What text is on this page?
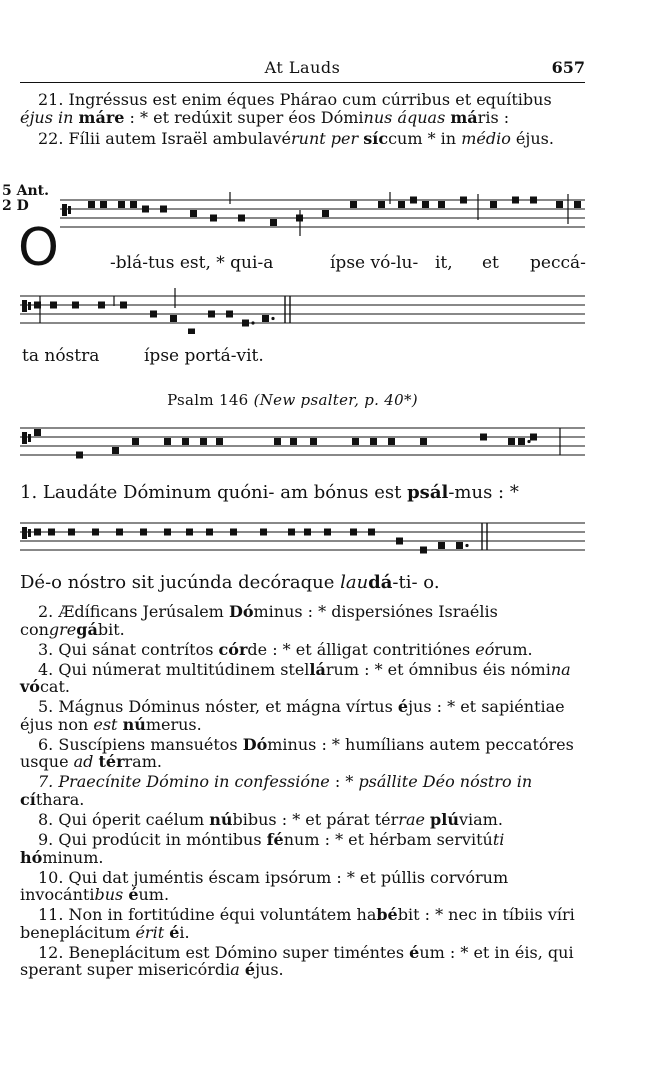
At Lauds	657

21. Ingréssus est enim éques Phárao cum cúrribus et equítibus éjus in máre : * et redúxit super éos Dóminus áquas máris :

22. Fílii autem Israël ambulavérunt per síccum * in médio éjus.

5 Ant.
2 D
O	-blá-tus est, * qui-a	ípse vó-lu- it, et peccá-
ta nóstra	ípse portá-vit.
Psalm 146 (New psalter, p. 40*)
1. Laudáte Dóminum quóni- am bónus est psál-mus : *
Dé-o nóstro sit jucúnda decóraque laudá-ti- o.

2. Ædíficans Jerúsalem Dóminus : * dispersiónes Israélis congregábit.

3. Qui sánat contrítos córde : * et álligat contritiónes eórum.

4. Qui númerat multitúdinem stellárum : * et ómnibus éis nómina vócat.

5. Mágnus Dóminus nóster, et mágna vírtus éjus : * et sapiéntiae éjus non est númerus.

6. Suscípiens mansuétos Dóminus : * humílians autem peccatóres usque ad térram.

7. Praecínite Dómino in confessióne : * psállite Déo nóstro in cíthara.

8. Qui óperit caélum núbibus : * et párat térrae plúviam.

9. Qui prodúcit in móntibus fénum : * et hérbam servitúti hóminum.

10. Qui dat juméntis éscam ipsórum : * et púllis corvórum invocántibus éum.

11. Non in fortitúdine équi voluntátem habébit : * nec in tíbiis víri beneplácitum érit éi.

12. Beneplácitum est Dómino super timéntes éum : * et in éis, qui sperant super misericórdia éjus.
